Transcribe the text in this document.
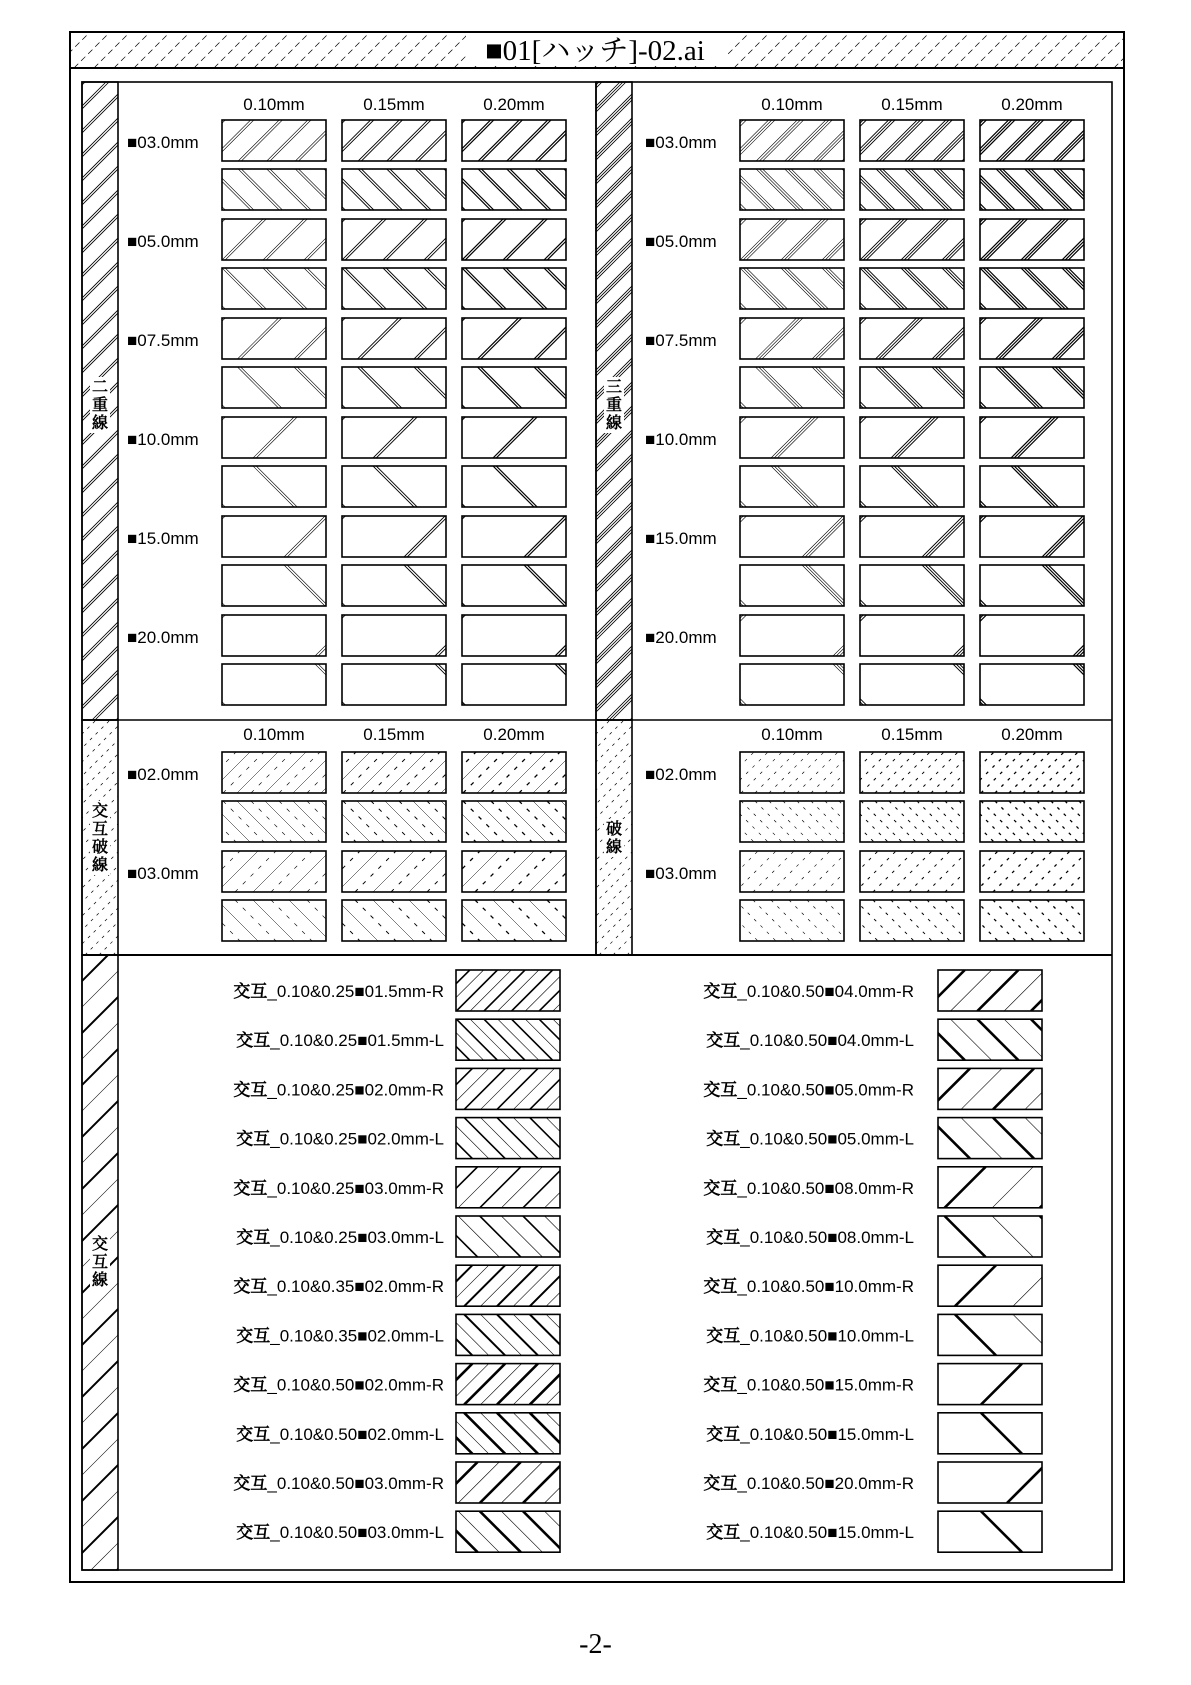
■01[ハッチ]-02.ai
二
重
線
0.10mm	0.15mm	0.20mm
■03.0mm
■05.0mm
■07.5mm
■10.0mm
■15.0mm
■20.0mm
三
重
線
0.10mm	0.15mm	0.20mm
■03.0mm
■05.0mm
■07.5mm
■10.0mm
■15.0mm
■20.0mm
交
互
破
線
0.10mm	0.15mm	0.20mm
■02.0mm
■03.0mm
破
線
0.10mm	0.15mm	0.20mm
■02.0mm
■03.0mm
交
互
線
交互_0.10&0.25■01.5mm-R
交互_0.10&0.25■01.5mm-L
交互_0.10&0.25■02.0mm-R
交互_0.10&0.25■02.0mm-L
交互_0.10&0.25■03.0mm-R
交互_0.10&0.25■03.0mm-L
交互_0.10&0.35■02.0mm-R
交互_0.10&0.35■02.0mm-L
交互_0.10&0.50■02.0mm-R
交互_0.10&0.50■02.0mm-L
交互_0.10&0.50■03.0mm-R
交互_0.10&0.50■03.0mm-L
交互_0.10&0.50■04.0mm-R
交互_0.10&0.50■04.0mm-L
交互_0.10&0.50■05.0mm-R
交互_0.10&0.50■05.0mm-L
交互_0.10&0.50■08.0mm-R
交互_0.10&0.50■08.0mm-L
交互_0.10&0.50■10.0mm-R
交互_0.10&0.50■10.0mm-L
交互_0.10&0.50■15.0mm-R
交互_0.10&0.50■15.0mm-L
交互_0.10&0.50■20.0mm-R
交互_0.10&0.50■15.0mm-L
-2-
